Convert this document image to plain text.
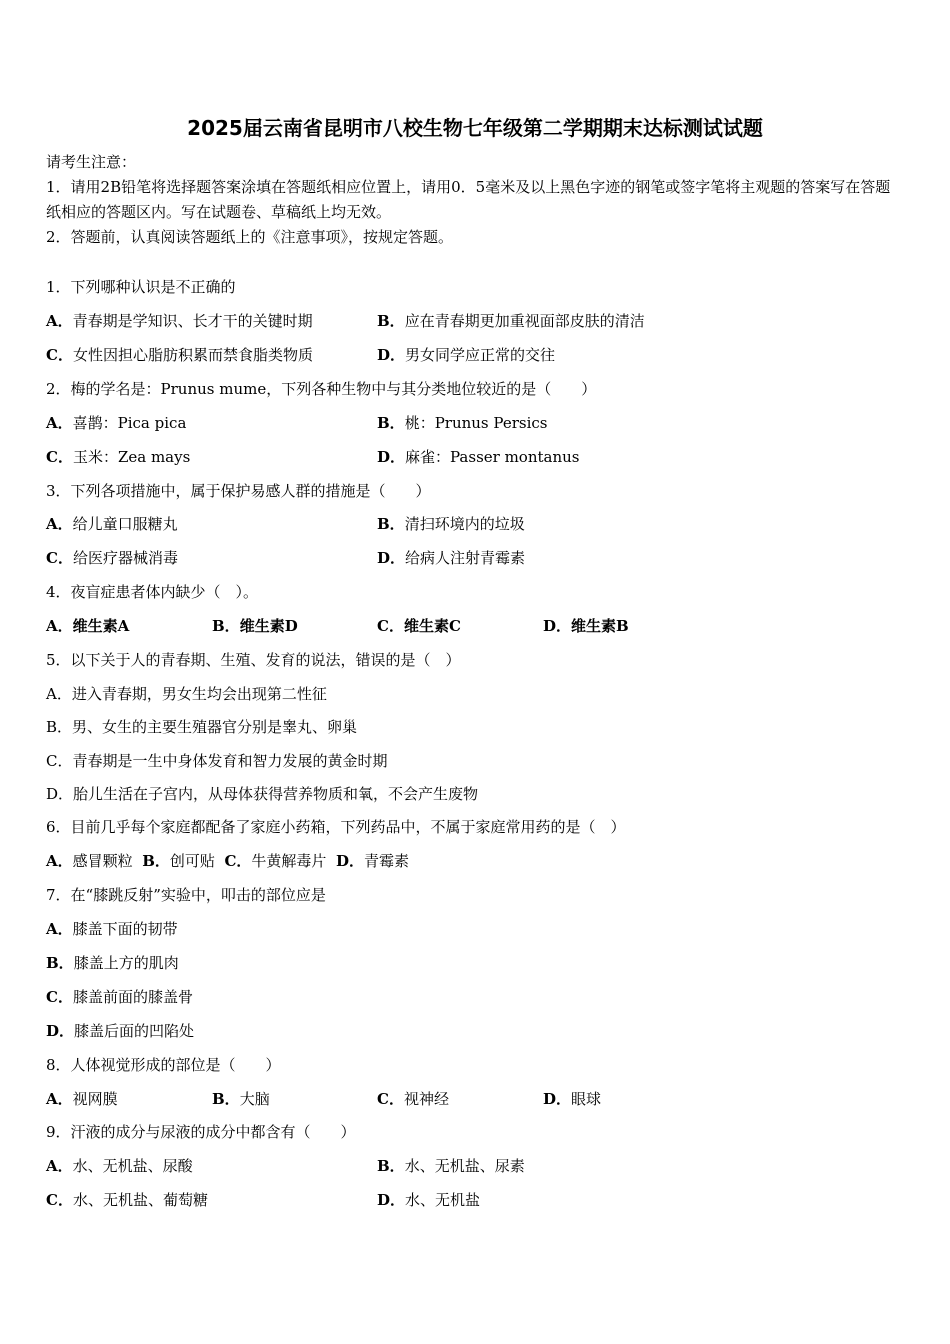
2025届云南省昆明市八校生物七年级第二学期期末达标测试试题
请考生注意：
1．请用2B铅笔将选择题答案涂填在答题纸相应位置上，请用0．5毫米及以上黑色字迹的钢笔或签字笔将主观题的答案写在答题纸相应的答题区内。写在试题卷、草稿纸上均无效。
2．答题前，认真阅读答题纸上的《注意事项》，按规定答题。
1．下列哪种认识是不正确的
A．青春期是学知识、长才干的关键时期	B．应在青春期更加重视面部皮肤的清洁
C．女性因担心脂肪积累而禁食脂类物质	D．男女同学应正常的交往
2．梅的学名是：Prunus mume，下列各种生物中与其分类地位较近的是（　　）
A．喜鹊：Pica pica	B．桃：Prunus Persics
C．玉米：Zea mays	D．麻雀：Passer montanus
3．下列各项措施中，属于保护易感人群的措施是（　　）
A．给儿童口服糖丸	B．清扫环境内的垃圾
C．给医疗器械消毒	D．给病人注射青霉素
4．夜盲症患者体内缺少（　）。
A．维生素A	B．维生素D	C．维生素C	D．维生素B
5．以下关于人的青春期、生殖、发育的说法，错误的是（　）
A．进入青春期，男女生均会出现第二性征
B．男、女生的主要生殖器官分别是睾丸、卵巢
C．青春期是一生中身体发育和智力发展的黄金时期
D．胎儿生活在子宫内，从母体获得营养物质和氧，不会产生废物
6．目前几乎每个家庭都配备了家庭小药箱，下列药品中，不属于家庭常用药的是（　）
A．感冒颗粒 B．创可贴 C．牛黄解毒片 D．青霉素
7．在“膝跳反射”实验中，叩击的部位应是
A．膝盖下面的韧带
B．膝盖上方的肌肉
C．膝盖前面的膝盖骨
D．膝盖后面的凹陷处
8．人体视觉形成的部位是（　　）
A．视网膜	B．大脑	C．视神经	D．眼球
9．汗液的成分与尿液的成分中都含有（　　）
A．水、无机盐、尿酸	B．水、无机盐、尿素
C．水、无机盐、葡萄糖	D．水、无机盐
